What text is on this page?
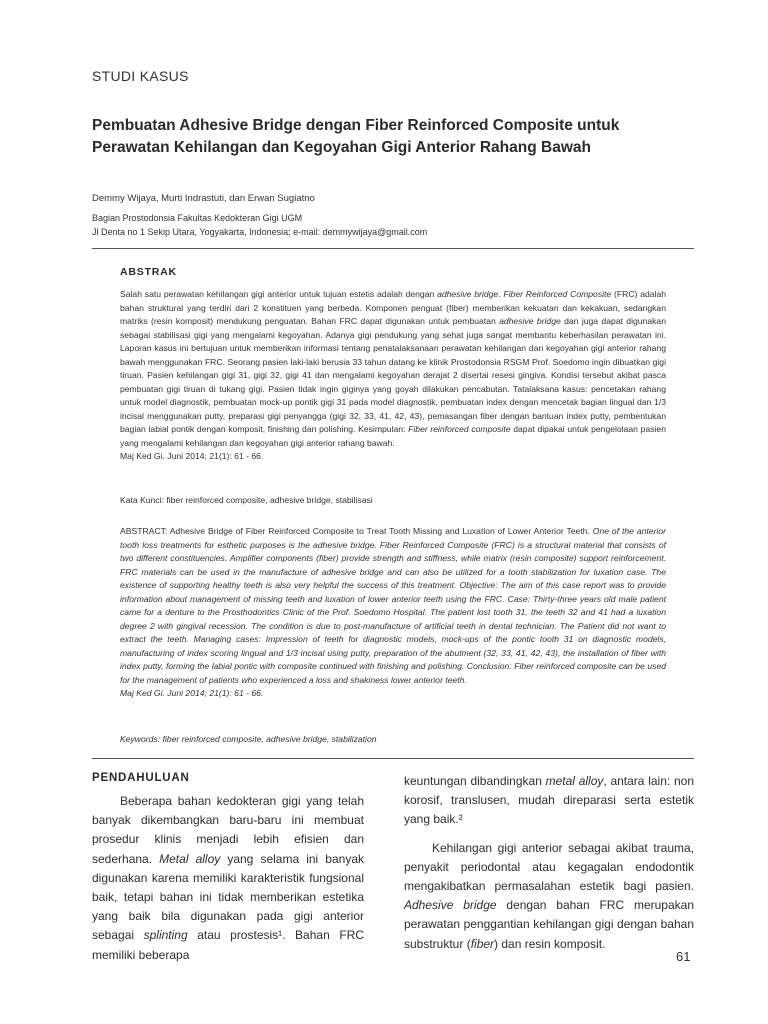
STUDI KASUS
Pembuatan Adhesive Bridge dengan Fiber Reinforced Composite untuk Perawatan Kehilangan dan Kegoyahan Gigi Anterior Rahang Bawah
Demmy Wijaya, Murti Indrastuti, dan Erwan Sugiatno
Bagian Prostodonsia Fakultas Kedokteran Gigi UGM
Jl Denta no 1 Sekip Utara, Yogyakarta, Indonesia; e-mail: demmywijaya@gmail.com
ABSTRAK

Salah satu perawatan kehilangan gigi anterior untuk tujuan estetis adalah dengan adhesive bridge. Fiber Reinforced Composite (FRC) adalah bahan struktural yang terdiri dari 2 konstituen yang berbeda. Komponen penguat (fiber) memberikan kekuatan dan kekakuan, sedangkan matriks (resin komposit) mendukung penguatan. Bahan FRC dapat digunakan untuk pembuatan adhesive bridge dan juga dapat digunakan sebagai stabilisasi gigi yang mengalami kegoyahan. Adanya gigi pendukung yang sehat juga sangat membantu keberhasilan perawatan ini. Laporan kasus ini bertujuan untuk memberikan informasi tentang penatalaksanaan perawatan kehilangan dan kegoyahan gigi anterior rahang bawah menggunakan FRC. Seorang pasien laki-laki berusia 33 tahun datang ke klinik Prostodonsia RSGM Prof. Soedomo ingin dibuatkan gigi tiruan. Pasien kehilangan gigi 31, gigi 32, gigi 41 dan mengalami kegoyahan derajat 2 disertai resesi gingiva. Kondisi tersebut akibat pasca pembuatan gigi tiruan di tukang gigi. Pasien tidak ingin giginya yang goyah dilakukan pencabutan. Tatalaksana kasus: pencetakan rahang untuk model diagnostik, pembuatan mock-up pontik gigi 31 pada model diagnostik, pembuatan index dengan mencetak bagian lingual dan 1/3 incisal menggunakan putty, preparasi gigi penyangga (gigi 32, 33, 41, 42, 43), pemasangan fiber dengan bantuan index putty, pembentukan bagian labial pontik dengan komposit, finishing dan polishing. Kesimpulan: Fiber reinforced composite dapat dipakai untuk pengelolaan pasien yang mengalami kehilangan dan kegoyahan gigi anterior rahang bawah.

Maj Ked Gi. Juni 2014; 21(1): 61 - 66.

Kata Kunci: fiber reinforced composite, adhesive bridge, stabilisasi

ABSTRACT: Adhesive Bridge of Fiber Reinforced Composite to Treat Tooth Missing and Luxation of Lower Anterior Teeth. One of the anterior tooth loss treatments for esthetic purposes is the adhesive bridge. Fiber Reinforced Composite (FRC) is a structural material that consists of two different constituencies. Amplifier components (fiber) provide strength and stiffness, while matrix (resin composite) support reinforcement. FRC materials can be used in the manufacture of adhesive bridge and can also be utilized for a tooth stabilization for luxation case. The existence of supporting healthy teeth is also very helpful the success of this treatment. Objective: The aim of this case report was to provide information about management of missing teeth and luxation of lower anterior teeth using the FRC. Case: Thirty-three years old male patient came for a denture to the Prosthodontics Clinic of the Prof. Soedomo Hospital. The patient lost tooth 31, the teeth 32 and 41 had a luxation degree 2 with gingival recession. The condition is due to post-manufacture of artificial teeth in dental technician. The Patient did not want to extract the teeth. Managing cases: Impression of teeth for diagnostic models, mock-ups of the pontic tooth 31 on diagnostic models, manufacturing of index scoring lingual and 1/3 incisal using putty, preparation of the abutment (32, 33, 41, 42, 43), the installation of fiber with index putty, forming the labial pontic with composite continued with finishing and polishing. Conclusion: Fiber reinforced composite can be used for the management of patients who experienced a loss and shakiness lower anterior teeth.

Maj Ked Gi. Juni 2014; 21(1): 61 - 66.

Keywords: fiber reinforced composite, adhesive bridge, stabilization
PENDAHULUAN

Beberapa bahan kedokteran gigi yang telah banyak dikembangkan baru-baru ini membuat prosedur klinis menjadi lebih efisien dan sederhana. Metal alloy yang selama ini banyak digunakan karena memiliki karakteristik fungsional baik, tetapi bahan ini tidak memberikan estetika yang baik bila digunakan pada gigi anterior sebagai splinting atau prostesis¹. Bahan FRC memiliki beberapa

keuntungan dibandingkan metal alloy, antara lain: non korosif, translusen, mudah direparasi serta estetik yang baik.²

Kehilangan gigi anterior sebagai akibat trauma, penyakit periodontal atau kegagalan endodontik mengakibatkan permasalahan estetik bagi pasien. Adhesive bridge dengan bahan FRC merupakan perawatan penggantian kehilangan gigi dengan bahan substruktur (fiber) dan resin komposit.

61
